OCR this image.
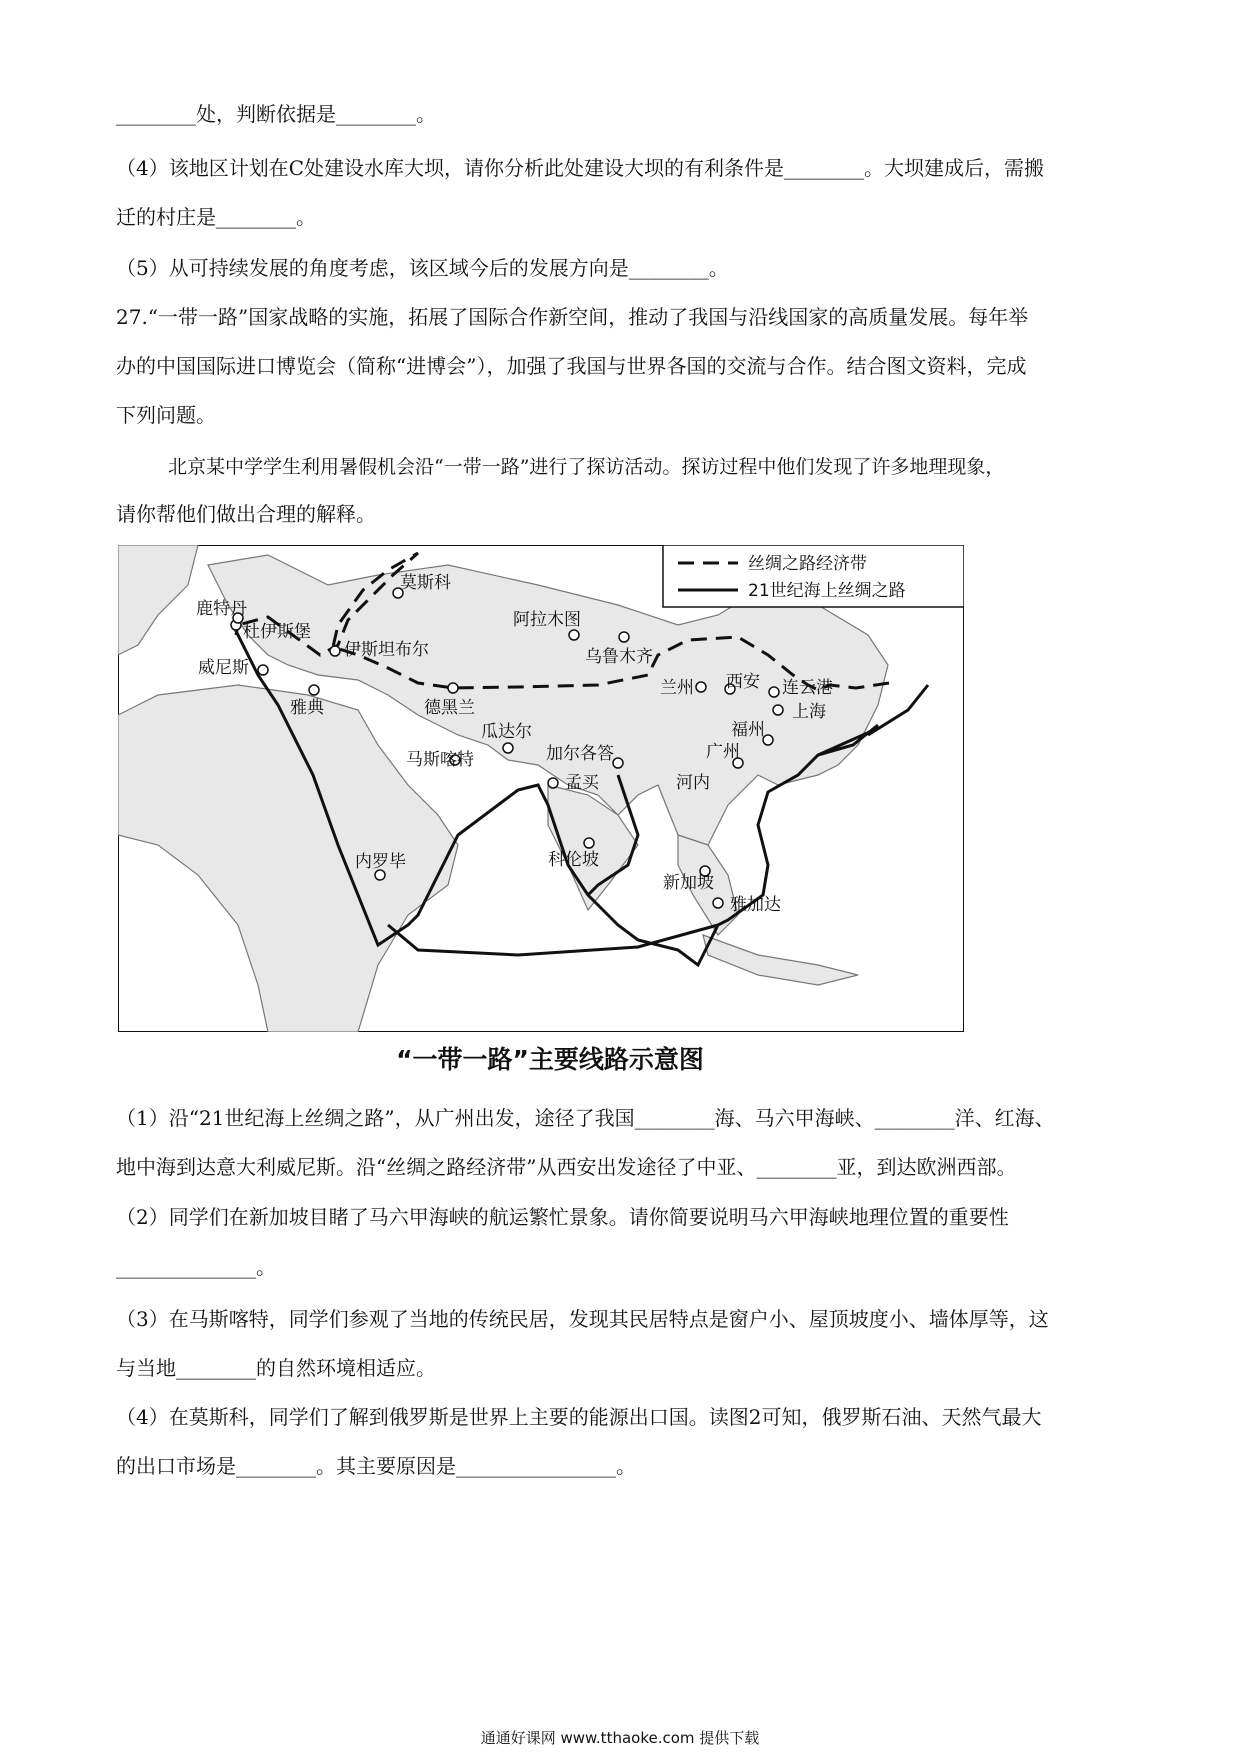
________处，判断依据是________。
（4）该地区计划在C处建设水库大坝，请你分析此处建设大坝的有利条件是________。大坝建成后，需搬
迁的村庄是________。
（5）从可持续发展的角度考虑，该区域今后的发展方向是________。
27.“一带一路”国家战略的实施，拓展了国际合作新空间，推动了我国与沿线国家的高质量发展。每年举
办的中国国际进口博览会（简称“进博会”），加强了我国与世界各国的交流与合作。结合图文资料，完成
下列问题。
北京某中学学生利用暑假机会沿“一带一路”进行了探访活动。探访过程中他们发现了许多地理现象，
请你帮他们做出合理的解释。
丝绸之路经济带
21世纪海上丝绸之路
莫斯科
鹿特丹
杜伊斯堡
威尼斯
雅典
伊斯坦布尔
德黑兰
阿拉木图
乌鲁木齐
兰州 西安 连云港
上海
福州
广州
河内
瓜达尔
马斯喀特	加尔各答
孟买
科伦坡
内罗毕
新加坡
雅加达
“一带一路”主要线路示意图
（1）沿“21世纪海上丝绸之路”，从广州出发，途径了我国________海、马六甲海峡、________洋、红海、
地中海到达意大利威尼斯。沿“丝绸之路经济带”从西安出发途径了中亚、________亚，到达欧洲西部。
（2）同学们在新加坡目睹了马六甲海峡的航运繁忙景象。请你简要说明马六甲海峡地理位置的重要性
______________。
（3）在马斯喀特，同学们参观了当地的传统民居，发现其民居特点是窗户小、屋顶坡度小、墙体厚等，这
与当地________的自然环境相适应。
（4）在莫斯科，同学们了解到俄罗斯是世界上主要的能源出口国。读图2可知，俄罗斯石油、天然气最大
的出口市场是________。其主要原因是________________。
通通好课网 www.tthaoke.com 提供下载
